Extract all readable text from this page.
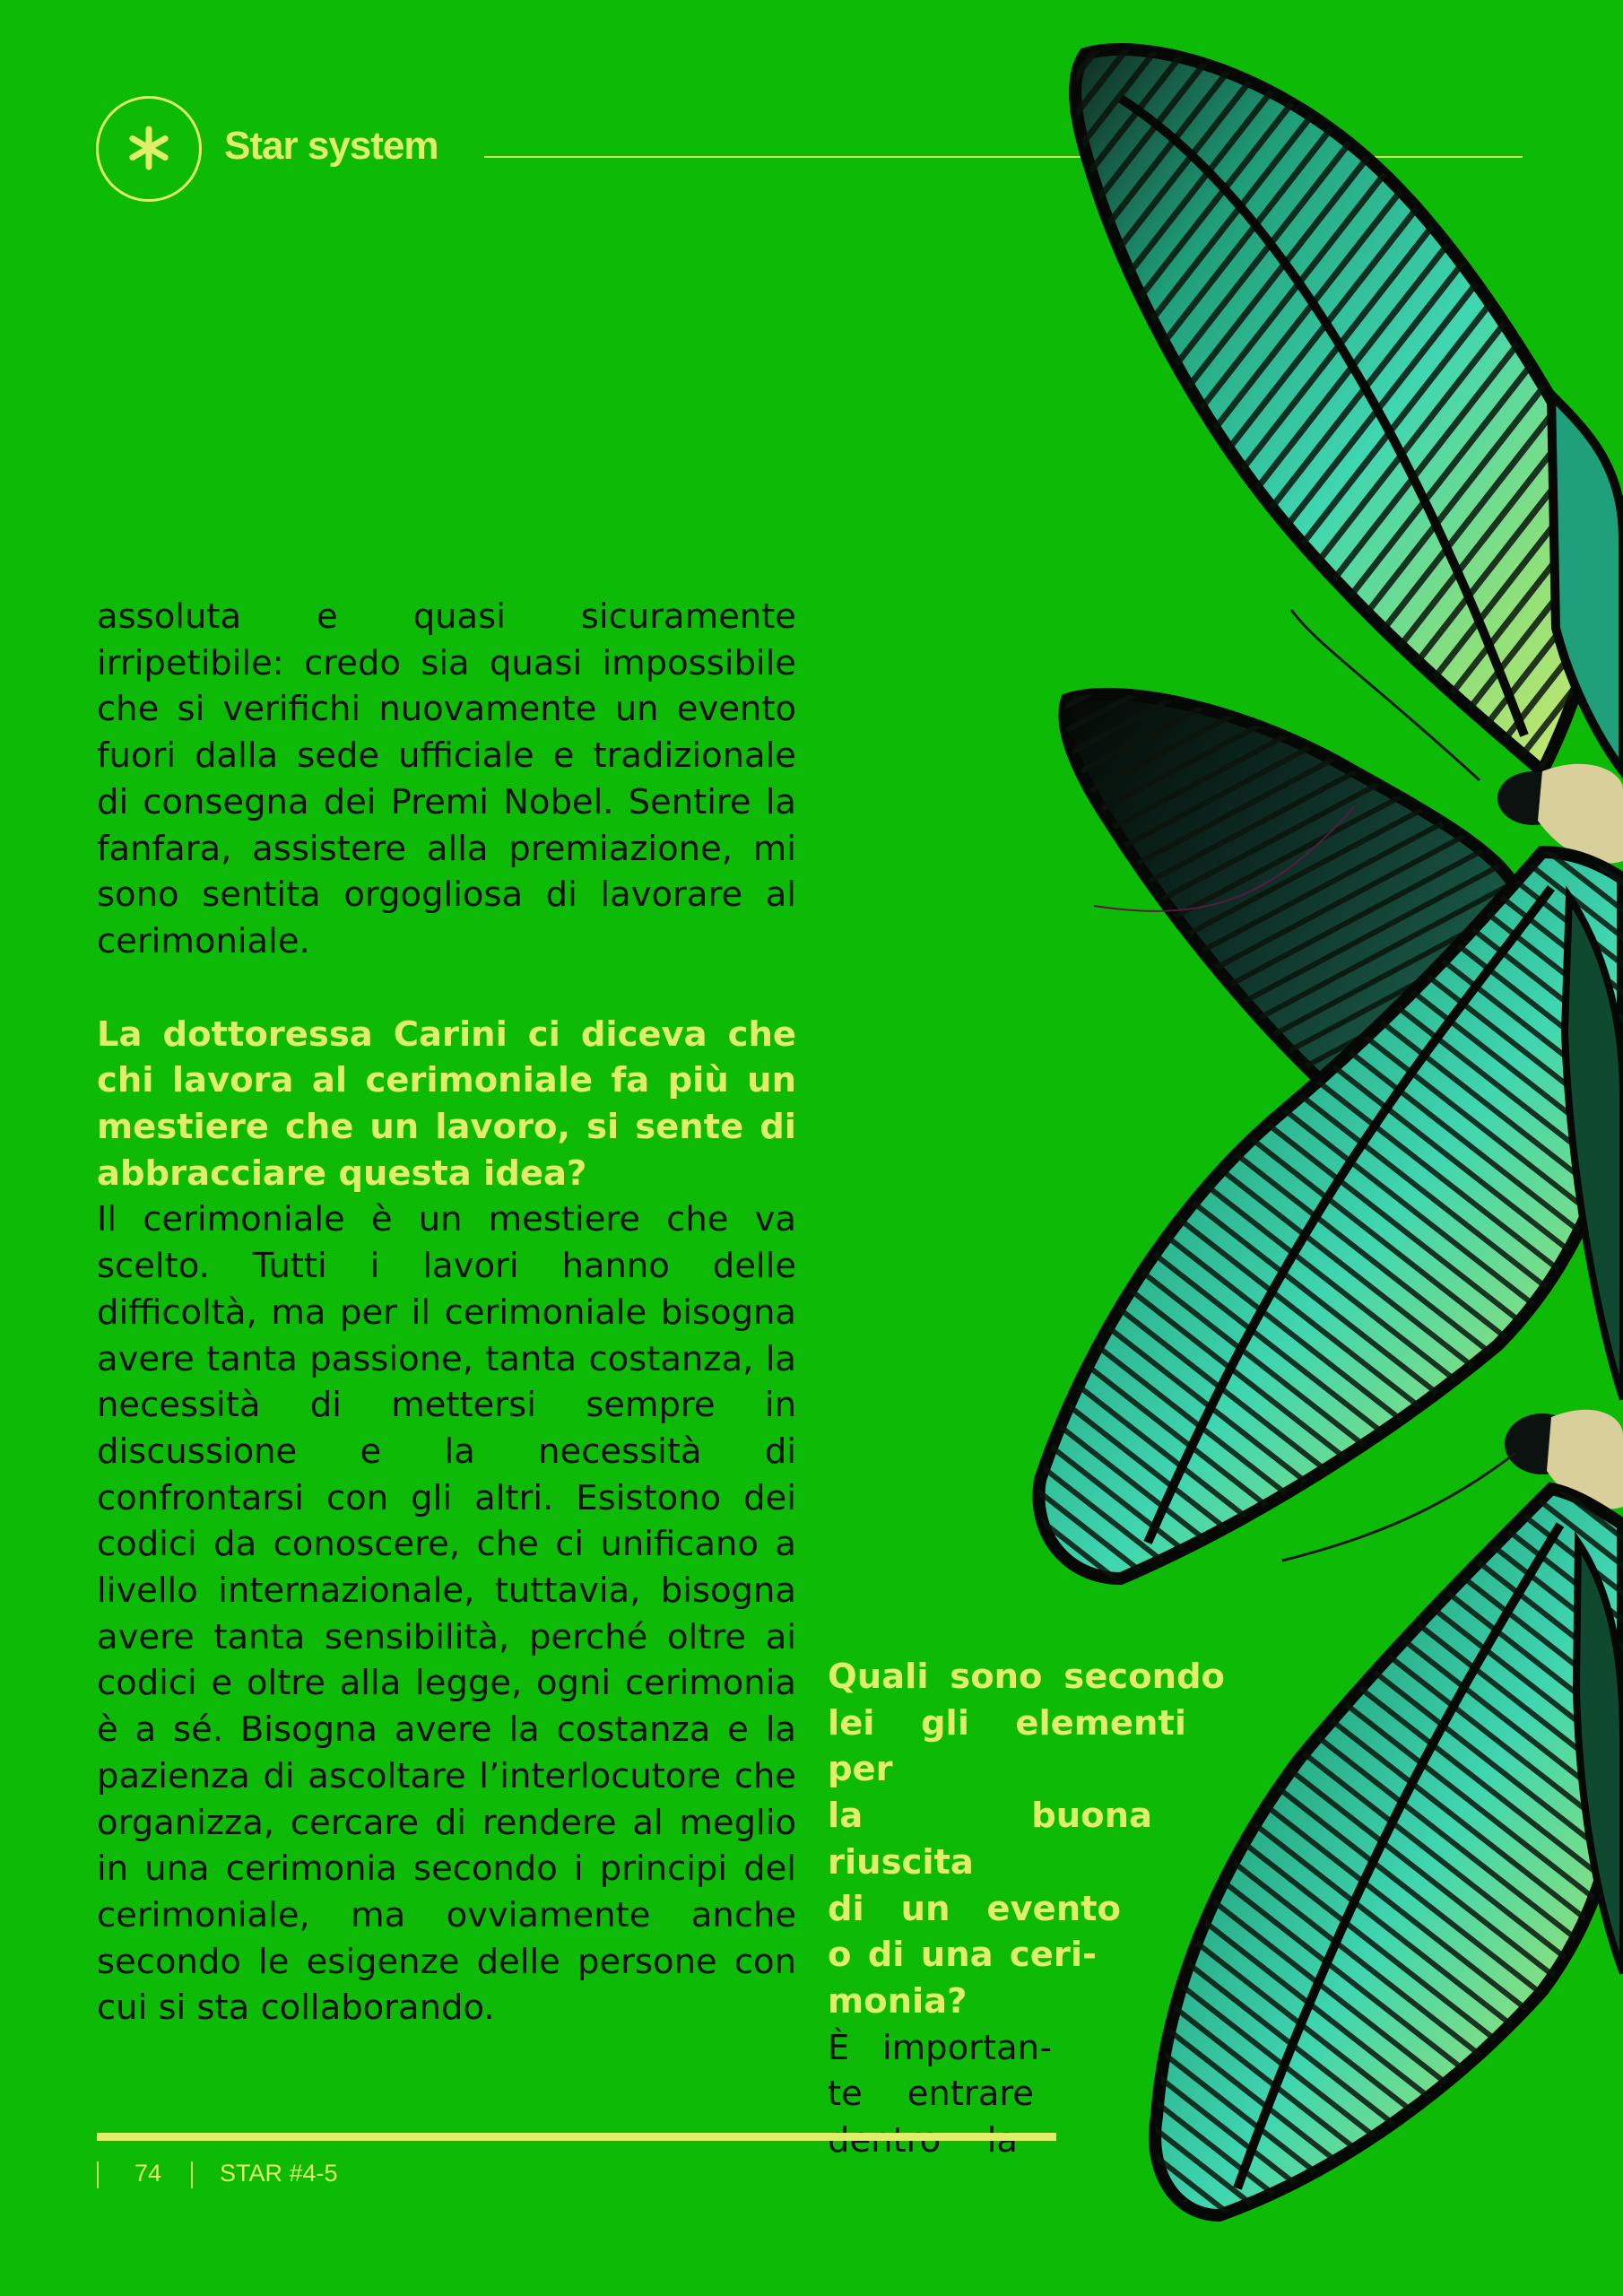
Star system

assoluta e quasi sicuramente irripetibile: credo sia quasi impossibile che si verifichi nuovamente un evento fuori dalla sede ufficiale e tradizionale di consegna dei Premi Nobel. Sentire la fanfara, assistere alla premiazione, mi sono sentita orgogliosa di lavorare al cerimoniale.

La dottoressa Carini ci diceva che chi lavora al cerimoniale fa più un mestiere che un lavoro, si sente di abbracciare questa idea?

Il cerimoniale è un mestiere che va scelto. Tutti i lavori hanno delle difficoltà, ma per il cerimoniale bisogna avere tanta passione, tanta costanza, la necessità di mettersi sempre in discussione e la necessità di confrontarsi con gli altri. Esistono dei codici da conoscere, che ci unificano a livello internazionale, tuttavia, bisogna avere tanta sensibilità, perché oltre ai codici e oltre alla legge, ogni cerimonia è a sé. Bisogna avere la costanza e la pazienza di ascoltare l’interlocutore che organizza, cercare di rendere al meglio in una cerimonia secondo i principi del cerimoniale, ma ovviamente anche secondo le esigenze delle persone con cui si sta collaborando.

Quali sono secondo
lei gli elementi per
la buona riuscita
di un evento
o di una ceri-
monia?

È importan-
te entrare

74 STAR #4-5
